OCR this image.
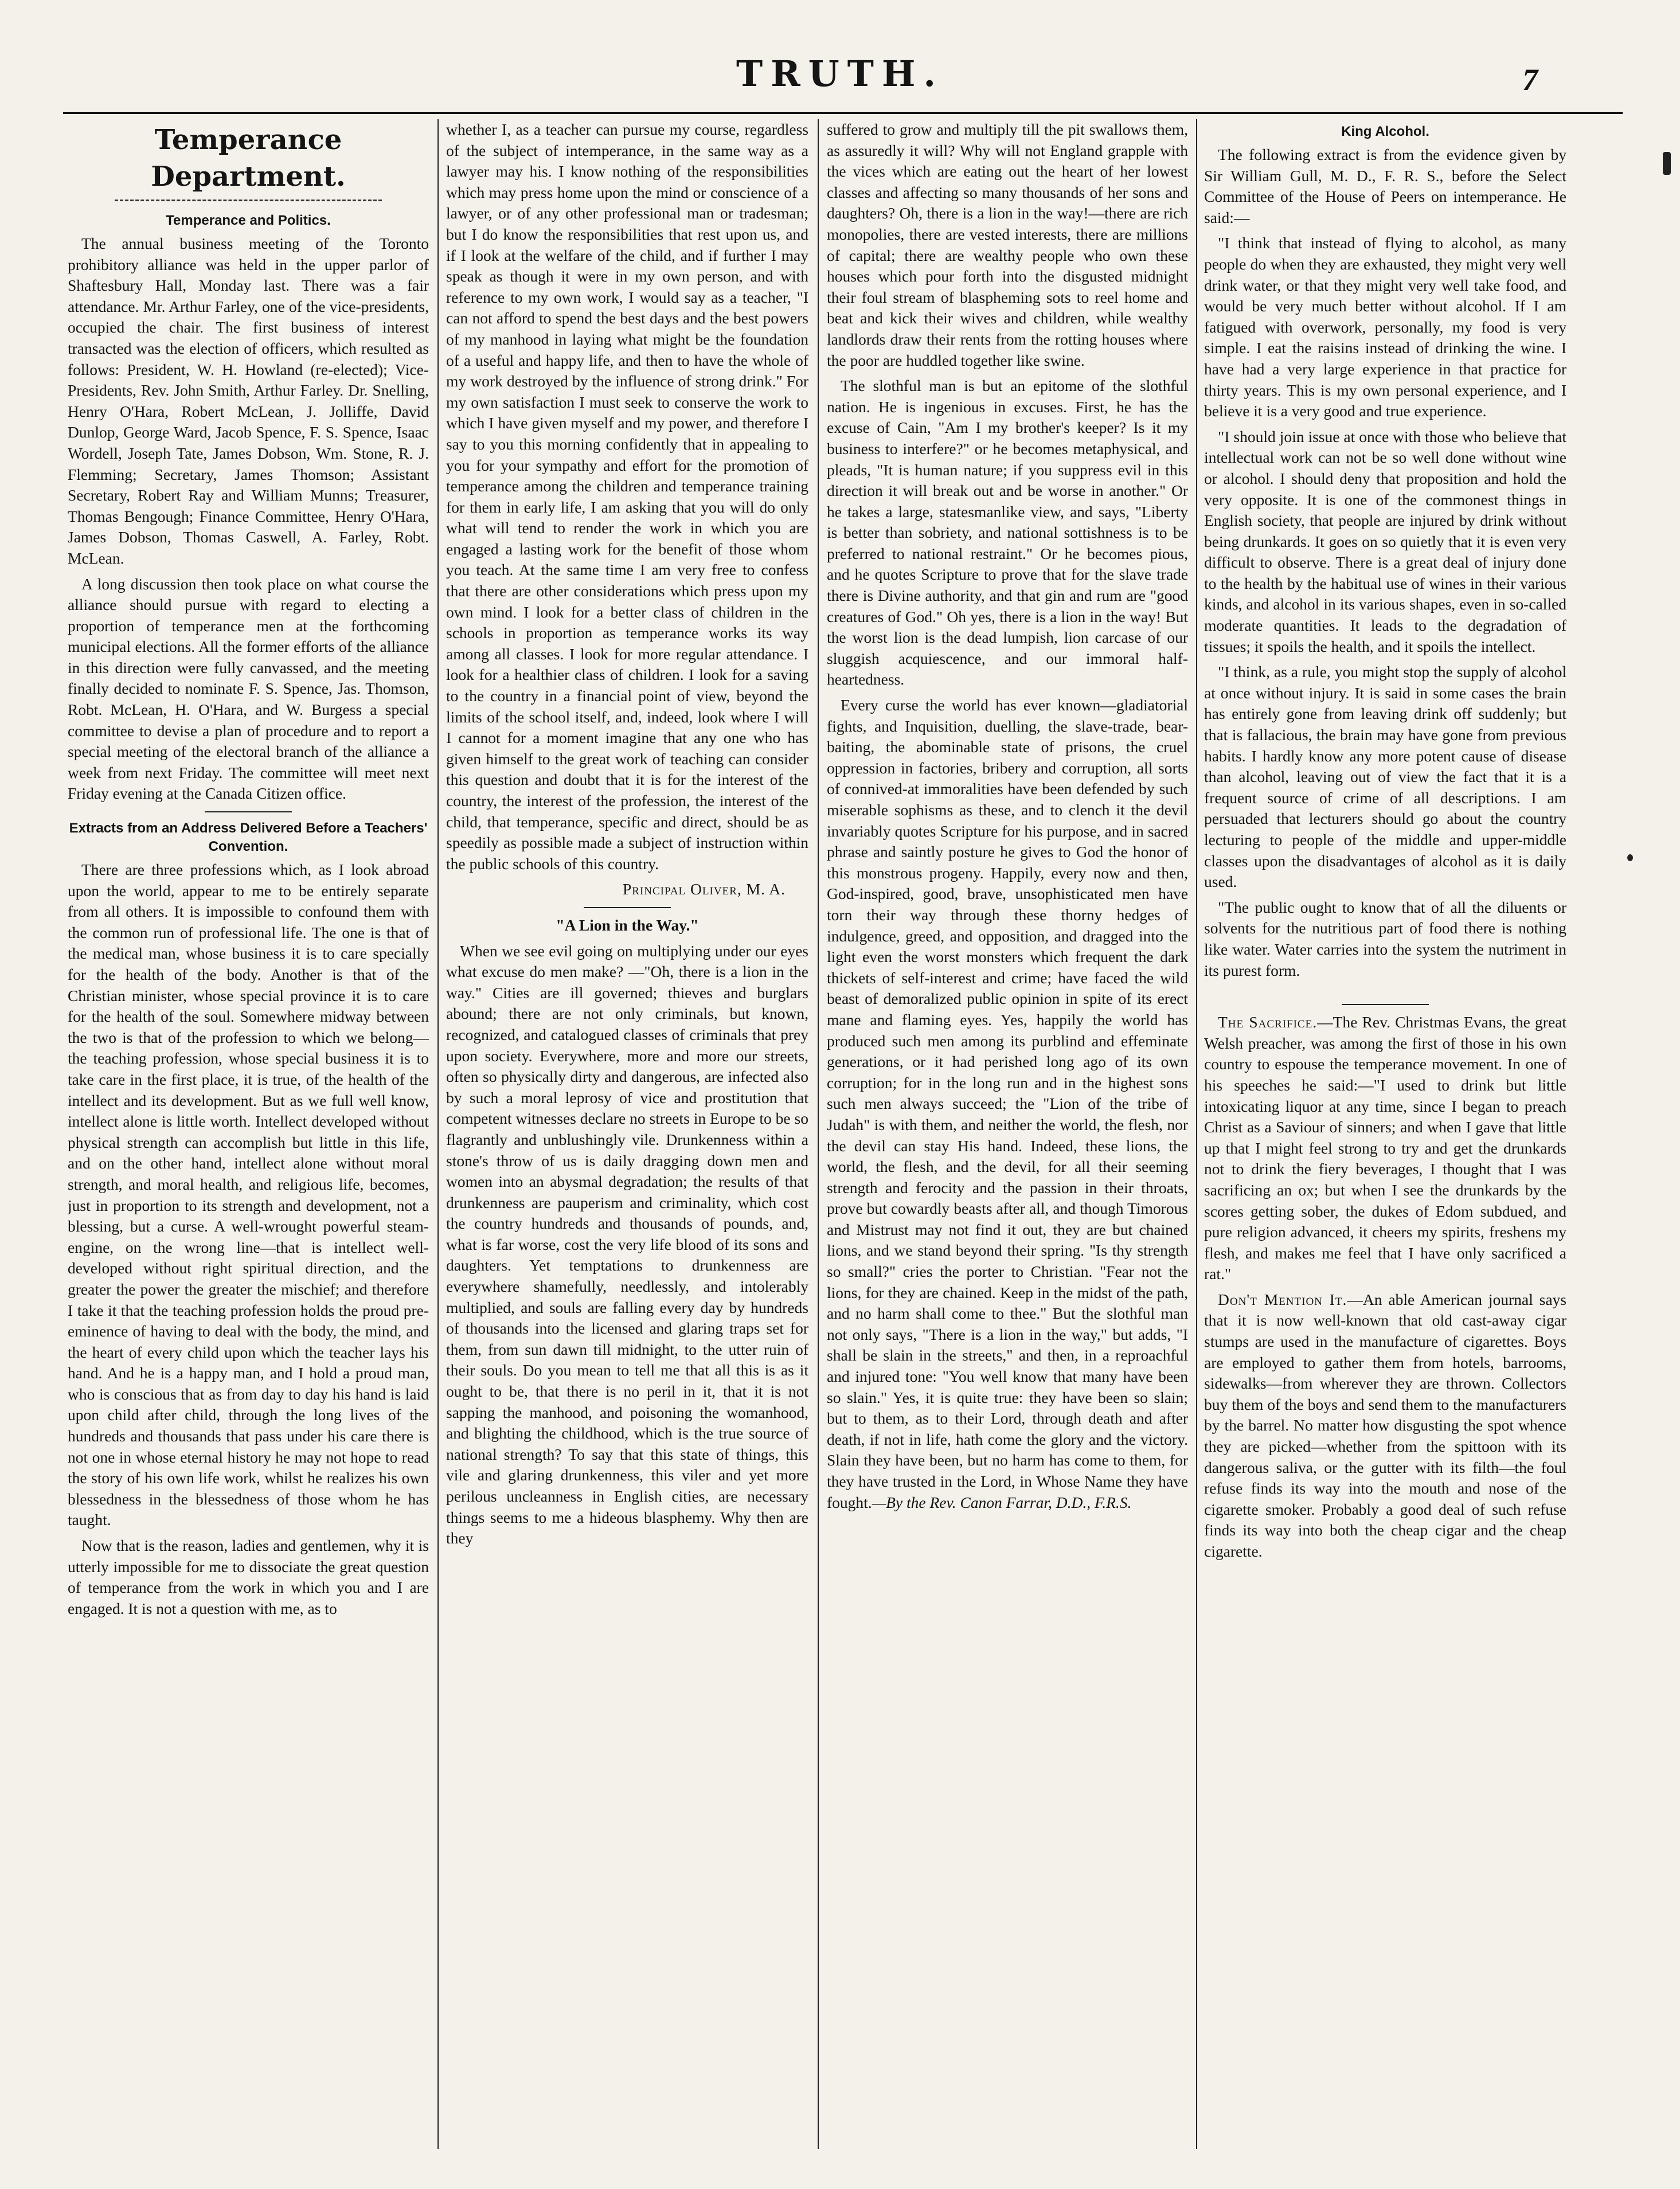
TRUTH.	7
Temperance Department.
Temperance and Politics.

The annual business meeting of the Toronto prohibitory alliance was held in the upper parlor of Shaftesbury Hall, Monday last. There was a fair attendance. Mr. Arthur Farley, one of the vice-presidents, occupied the chair. The first business of interest transacted was the election of officers, which resulted as follows: President, W. H. Howland (re-elected); Vice-Presidents, Rev. John Smith, Arthur Farley. Dr. Snelling, Henry O'Hara, Robert McLean, J. Jolliffe, David Dunlop, George Ward, Jacob Spence, F. S. Spence, Isaac Wordell, Joseph Tate, James Dobson, Wm. Stone, R. J. Flemming; Secretary, James Thomson; Assistant Secretary, Robert Ray and William Munns; Treasurer, Thomas Bengough; Finance Committee, Henry O'Hara, James Dobson, Thomas Caswell, A. Farley, Robt. McLean.

A long discussion then took place on what course the alliance should pursue with regard to electing a proportion of temperance men at the forthcoming municipal elections. All the former efforts of the alliance in this direction were fully canvassed, and the meeting finally decided to nominate F. S. Spence, Jas. Thomson, Robt. McLean, H. O'Hara, and W. Burgess a special committee to devise a plan of procedure and to report a special meeting of the electoral branch of the alliance a week from next Friday. The committee will meet next Friday evening at the Canada Citizen office.

Extracts from an Address Delivered Before a Teachers' Convention.

There are three professions which, as I look abroad upon the world, appear to me to be entirely separate from all others. It is impossible to confound them with the common run of professional life. The one is that of the medical man, whose business it is to care specially for the health of the body. Another is that of the Christian minister, whose special province it is to care for the health of the soul. Somewhere midway between the two is that of the profession to which we belong—the teaching profession, whose special business it is to take care in the first place, it is true, of the health of the intellect and its development. But as we full well know, intellect alone is little worth. Intellect developed without physical strength can accomplish but little in this life, and on the other hand, intellect alone without moral strength, and moral health, and religious life, becomes, just in proportion to its strength and development, not a blessing, but a curse. A well-wrought powerful steam-engine, on the wrong line—that is intellect well-developed without right spiritual direction, and the greater the power the greater the mischief; and therefore I take it that the teaching profession holds the proud pre-eminence of having to deal with the body, the mind, and the heart of every child upon which the teacher lays his hand. And he is a happy man, and I hold a proud man, who is conscious that as from day to day his hand is laid upon child after child, through the long lives of the hundreds and thousands that pass under his care there is not one in whose eternal history he may not hope to read the story of his own life work, whilst he realizes his own blessedness in the blessedness of those whom he has taught.

Now that is the reason, ladies and gentlemen, why it is utterly impossible for me to dissociate the great question of temperance from the work in which you and I are engaged. It is not a question with me, as to

whether I, as a teacher can pursue my course, regardless of the subject of intemperance, in the same way as a lawyer may his. I know nothing of the responsibilities which may press home upon the mind or conscience of a lawyer, or of any other professional man or tradesman; but I do know the responsibilities that rest upon us, and if I look at the welfare of the child, and if further I may speak as though it were in my own person, and with reference to my own work, I would say as a teacher, "I can not afford to spend the best days and the best powers of my manhood in laying what might be the foundation of a useful and happy life, and then to have the whole of my work destroyed by the influence of strong drink." For my own satisfaction I must seek to conserve the work to which I have given myself and my power, and therefore I say to you this morning confidently that in appealing to you for your sympathy and effort for the promotion of temperance among the children and temperance training for them in early life, I am asking that you will do only what will tend to render the work in which you are engaged a lasting work for the benefit of those whom you teach. At the same time I am very free to confess that there are other considerations which press upon my own mind. I look for a better class of children in the schools in proportion as temperance works its way among all classes. I look for more regular attendance. I look for a healthier class of children. I look for a saving to the country in a financial point of view, beyond the limits of the school itself, and, indeed, look where I will I cannot for a moment imagine that any one who has given himself to the great work of teaching can consider this question and doubt that it is for the interest of the country, the interest of the profession, the interest of the child, that temperance, specific and direct, should be as speedily as possible made a subject of instruction within the public schools of this country.

Principal Oliver, M. A.
"A Lion in the Way."

When we see evil going on multiplying under our eyes what excuse do men make? —"Oh, there is a lion in the way." Cities are ill governed; thieves and burglars abound; there are not only criminals, but known, recognized, and catalogued classes of criminals that prey upon society. Everywhere, more and more our streets, often so physically dirty and dangerous, are infected also by such a moral leprosy of vice and prostitution that competent witnesses declare no streets in Europe to be so flagrantly and unblushingly vile. Drunkenness within a stone's throw of us is daily dragging down men and women into an abysmal degradation; the results of that drunkenness are pauperism and criminality, which cost the country hundreds and thousands of pounds, and, what is far worse, cost the very life blood of its sons and daughters. Yet temptations to drunkenness are everywhere shamefully, needlessly, and intolerably multiplied, and souls are falling every day by hundreds of thousands into the licensed and glaring traps set for them, from sun dawn till midnight, to the utter ruin of their souls. Do you mean to tell me that all this is as it ought to be, that there is no peril in it, that it is not sapping the manhood, and poisoning the womanhood, and blighting the childhood, which is the true source of national strength? To say that this state of things, this vile and glaring drunkenness, this viler and yet more perilous uncleanness in English cities, are necessary things seems to me a hideous blasphemy. Why then are they

suffered to grow and multiply till the pit swallows them, as assuredly it will? Why will not England grapple with the vices which are eating out the heart of her lowest classes and affecting so many thousands of her sons and daughters? Oh, there is a lion in the way!—there are rich monopolies, there are vested interests, there are millions of capital; there are wealthy people who own these houses which pour forth into the disgusted midnight their foul stream of blaspheming sots to reel home and beat and kick their wives and children, while wealthy landlords draw their rents from the rotting houses where the poor are huddled together like swine.

The slothful man is but an epitome of the slothful nation. He is ingenious in excuses. First, he has the excuse of Cain, "Am I my brother's keeper? Is it my business to interfere?" or he becomes metaphysical, and pleads, "It is human nature; if you suppress evil in this direction it will break out and be worse in another." Or he takes a large, statesmanlike view, and says, "Liberty is better than sobriety, and national sottishness is to be preferred to national restraint." Or he becomes pious, and he quotes Scripture to prove that for the slave trade there is Divine authority, and that gin and rum are "good creatures of God." Oh yes, there is a lion in the way! But the worst lion is the dead lumpish, lion carcase of our sluggish acquiescence, and our immoral half-heartedness.

Every curse the world has ever known—gladiatorial fights, and Inquisition, duelling, the slave-trade, bear-baiting, the abominable state of prisons, the cruel oppression in factories, bribery and corruption, all sorts of connived-at immoralities have been defended by such miserable sophisms as these, and to clench it the devil invariably quotes Scripture for his purpose, and in sacred phrase and saintly posture he gives to God the honor of this monstrous progeny. Happily, every now and then, God-inspired, good, brave, unsophisticated men have torn their way through these thorny hedges of indulgence, greed, and opposition, and dragged into the light even the worst monsters which frequent the dark thickets of self-interest and crime; have faced the wild beast of demoralized public opinion in spite of its erect mane and flaming eyes. Yes, happily the world has produced such men among its purblind and effeminate generations, or it had perished long ago of its own corruption; for in the long run and in the highest sons such men always succeed; the "Lion of the tribe of Judah" is with them, and neither the world, the flesh, nor the devil can stay His hand. Indeed, these lions, the world, the flesh, and the devil, for all their seeming strength and ferocity and the passion in their throats, prove but cowardly beasts after all, and though Timorous and Mistrust may not find it out, they are but chained lions, and we stand beyond their spring. "Is thy strength so small?" cries the porter to Christian. "Fear not the lions, for they are chained. Keep in the midst of the path, and no harm shall come to thee." But the slothful man not only says, "There is a lion in the way," but adds, "I shall be slain in the streets," and then, in a reproachful and injured tone: "You well know that many have been so slain." Yes, it is quite true: they have been so slain; but to them, as to their Lord, through death and after death, if not in life, hath come the glory and the victory. Slain they have been, but no harm has come to them, for they have trusted in the Lord, in Whose Name they have fought.—By the Rev. Canon Farrar, D.D., F.R.S.

King Alcohol.

The following extract is from the evidence given by Sir William Gull, M. D., F. R. S., before the Select Committee of the House of Peers on intemperance. He said:—

"I think that instead of flying to alcohol, as many people do when they are exhausted, they might very well drink water, or that they might very well take food, and would be very much better without alcohol. If I am fatigued with overwork, personally, my food is very simple. I eat the raisins instead of drinking the wine. I have had a very large experience in that practice for thirty years. This is my own personal experience, and I believe it is a very good and true experience.

"I should join issue at once with those who believe that intellectual work can not be so well done without wine or alcohol. I should deny that proposition and hold the very opposite. It is one of the commonest things in English society, that people are injured by drink without being drunkards. It goes on so quietly that it is even very difficult to observe. There is a great deal of injury done to the health by the habitual use of wines in their various kinds, and alcohol in its various shapes, even in so-called moderate quantities. It leads to the degradation of tissues; it spoils the health, and it spoils the intellect.

"I think, as a rule, you might stop the supply of alcohol at once without injury. It is said in some cases the brain has entirely gone from leaving drink off suddenly; but that is fallacious, the brain may have gone from previous habits. I hardly know any more potent cause of disease than alcohol, leaving out of view the fact that it is a frequent source of crime of all descriptions. I am persuaded that lecturers should go about the country lecturing to people of the middle and upper-middle classes upon the disadvantages of alcohol as it is daily used.

"The public ought to know that of all the diluents or solvents for the nutritious part of food there is nothing like water. Water carries into the system the nutriment in its purest form.

The Sacrifice.—The Rev. Christmas Evans, the great Welsh preacher, was among the first of those in his own country to espouse the temperance movement. In one of his speeches he said:—"I used to drink but little intoxicating liquor at any time, since I began to preach Christ as a Saviour of sinners; and when I gave that little up that I might feel strong to try and get the drunkards not to drink the fiery beverages, I thought that I was sacrificing an ox; but when I see the drunkards by the scores getting sober, the dukes of Edom subdued, and pure religion advanced, it cheers my spirits, freshens my flesh, and makes me feel that I have only sacrificed a rat."

Don't Mention It.—An able American journal says that it is now well-known that old cast-away cigar stumps are used in the manufacture of cigarettes. Boys are employed to gather them from hotels, barrooms, sidewalks—from wherever they are thrown. Collectors buy them of the boys and send them to the manufacturers by the barrel. No matter how disgusting the spot whence they are picked—whether from the spittoon with its dangerous saliva, or the gutter with its filth—the foul refuse finds its way into the mouth and nose of the cigarette smoker. Probably a good deal of such refuse finds its way into both the cheap cigar and the cheap cigarette.
